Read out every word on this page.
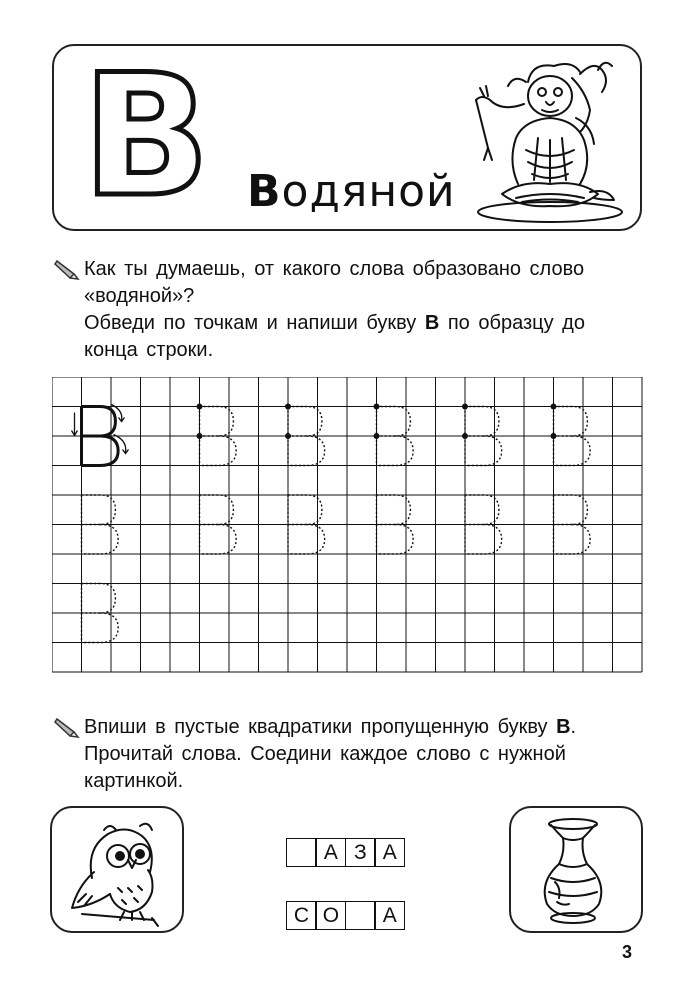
В Водяной
Как ты думаешь, от какого слова образовано слово
«водяной»?
Обведи по точкам и напиши букву В по образцу до
конца строки.
Впиши в пустые квадратики пропущенную букву В.
Прочитай слова. Соедини каждое слово с нужной
картинкой.
А З А
С О	А
3
